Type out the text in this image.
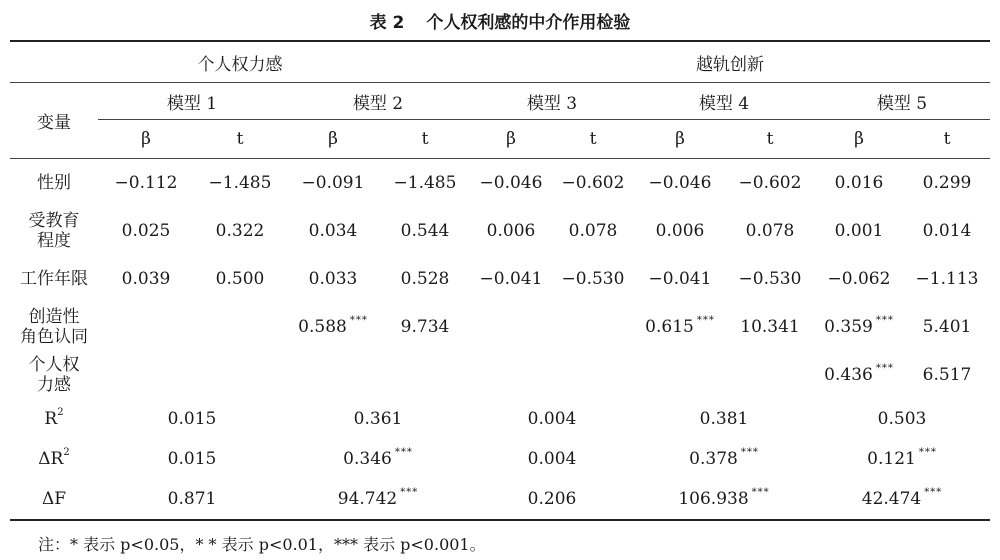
表 2 个人权利感的中介作用检验
个人权力感					越轨创新					
变量	模型 1		模型 2		模型 3		模型 4		模型 5	
	β	t	β	t	β	t	β	t	β	t

性别	−0.112	−1.485	−0.091	−1.485	−0.046	−0.602	−0.046	−0.602	0.016	0.299

受教育
程度	0.025	0.322	0.034	0.544	0.006	0.078	0.006	0.078	0.001	0.014

工作年限	0.039	0.500	0.033	0.528	−0.041	−0.530	−0.041	−0.530	−0.062	−1.113

创造性
角色认同			0.588 ***	9.734			0.615 ***	10.341	0.359 ***	5.401

个人权
力感									0.436 ***	6.517
$R^2$	0.015		0.361		0.004		0.381		0.503	
$\Delta R^2$	0.015		0.346 ***		0.004		0.378 ***		0.121 ***
ΔF	0.871		94.742 ***		0.206		106.938 ***		42.474 ***
注：* 表示 p<0.05，* * 表示 p<0.01，*** 表示 p<0.001。
